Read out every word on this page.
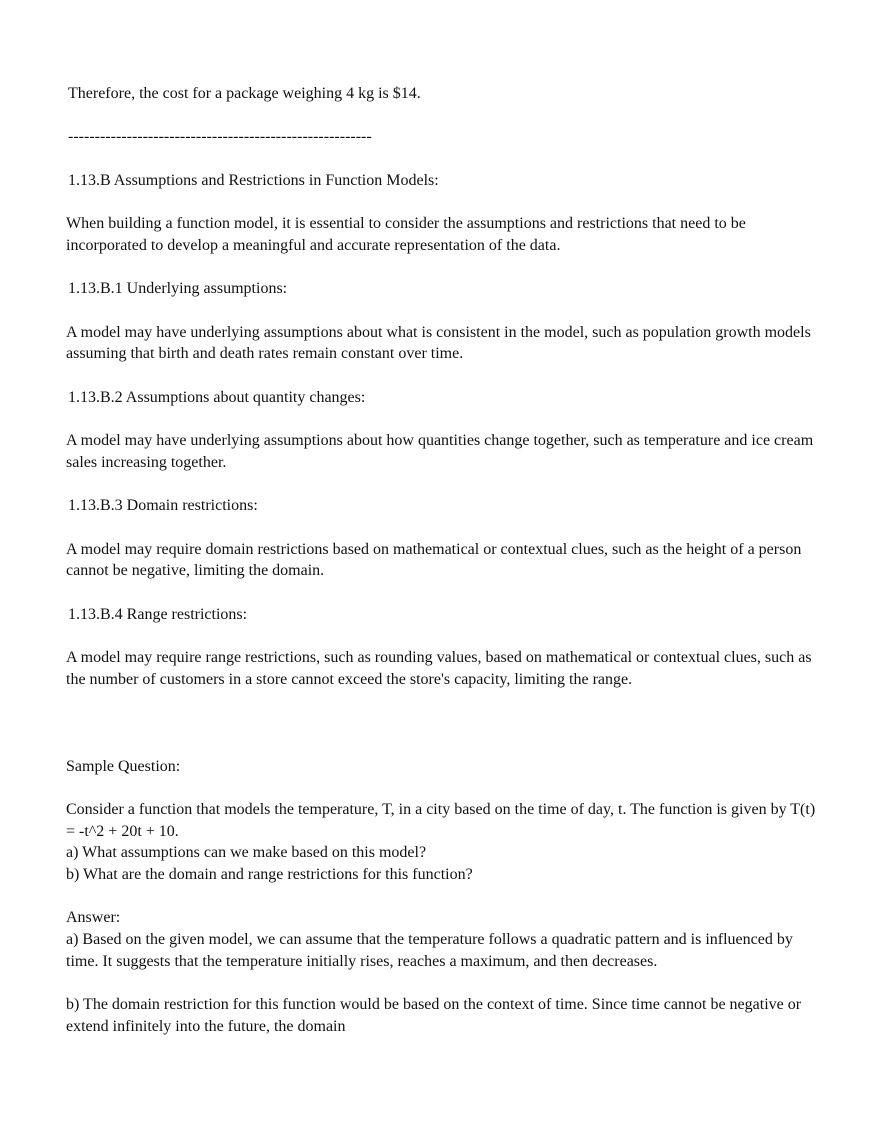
Therefore, the cost for a package weighing 4 kg is $14.

---------------------------------------------------------

1.13.B Assumptions and Restrictions in Function Models:

When building a function model, it is essential to consider the assumptions and restrictions that need to be incorporated to develop a meaningful and accurate representation of the data.

1.13.B.1 Underlying assumptions:

A model may have underlying assumptions about what is consistent in the model, such as population growth models assuming that birth and death rates remain constant over time.

1.13.B.2 Assumptions about quantity changes:

A model may have underlying assumptions about how quantities change together, such as temperature and ice cream sales increasing together.

1.13.B.3 Domain restrictions:

A model may require domain restrictions based on mathematical or contextual clues, such as the height of a person cannot be negative, limiting the domain.

1.13.B.4 Range restrictions:

A model may require range restrictions, such as rounding values, based on mathematical or contextual clues, such as the number of customers in a store cannot exceed the store's capacity, limiting the range.

Sample Question:

Consider a function that models the temperature, T, in a city based on the time of day, t. The function is given by T(t) = -t^2 + 20t + 10.

a) What assumptions can we make based on this model?

b) What are the domain and range restrictions for this function?

Answer:

a) Based on the given model, we can assume that the temperature follows a quadratic pattern and is influenced by time. It suggests that the temperature initially rises, reaches a maximum, and then decreases.

b) The domain restriction for this function would be based on the context of time. Since time cannot be negative or extend infinitely into the future, the domain
